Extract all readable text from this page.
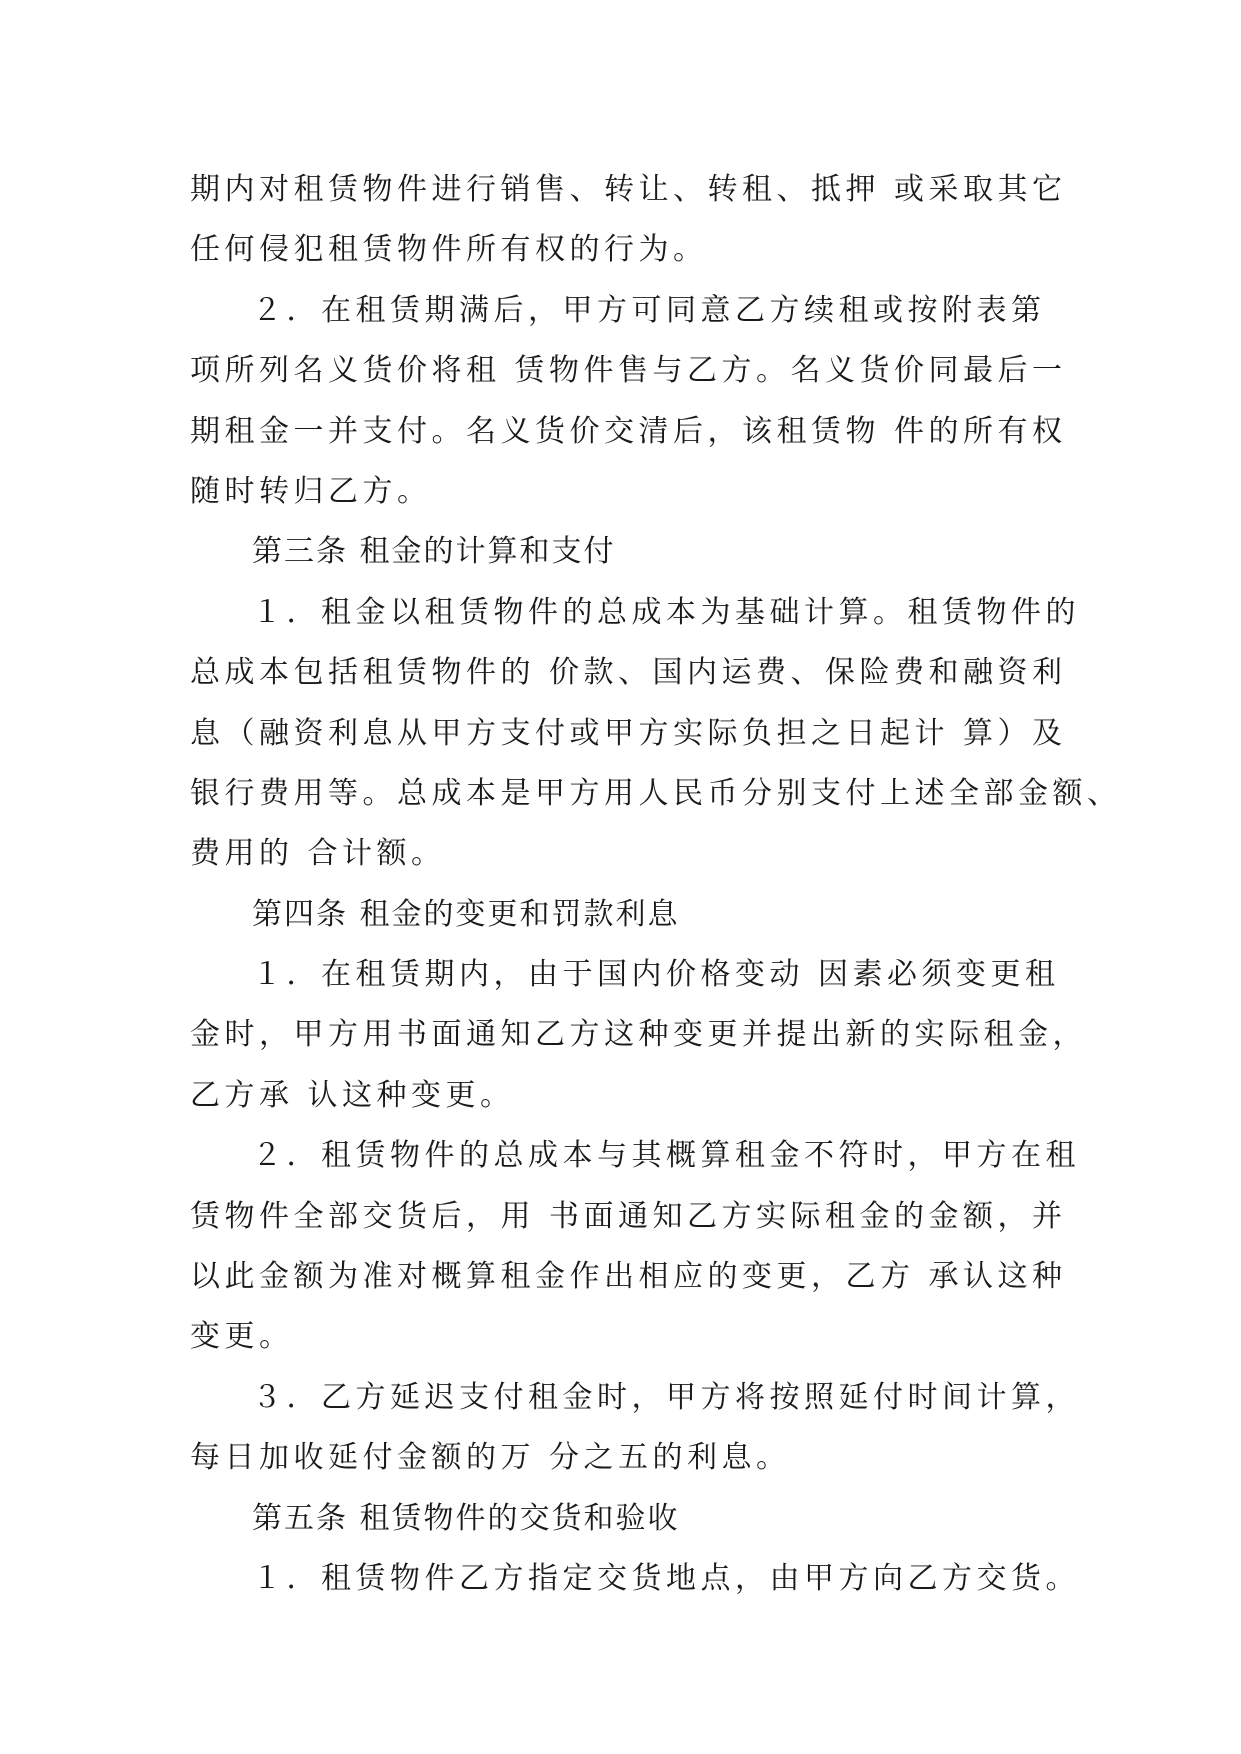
期内对租赁物件进行销售、转让、转租、抵押 或采取其它
任何侵犯租赁物件所有权的行为。
２．在租赁期满后，甲方可同意乙方续租或按附表第
项所列名义货价将租 赁物件售与乙方。名义货价同最后一
期租金一并支付。名义货价交清后，该租赁物 件的所有权
随时转归乙方。
第三条 租金的计算和支付
１．租金以租赁物件的总成本为基础计算。租赁物件的
总成本包括租赁物件的 价款、国内运费、保险费和融资利
息（融资利息从甲方支付或甲方实际负担之日起计 算）及
银行费用等。总成本是甲方用人民币分别支付上述全部金额、
费用的 合计额。
第四条 租金的变更和罚款利息
１．在租赁期内，由于国内价格变动 因素必须变更租
金时，甲方用书面通知乙方这种变更并提出新的实际租金，
乙方承 认这种变更。
２．租赁物件的总成本与其概算租金不符时，甲方在租
赁物件全部交货后，用 书面通知乙方实际租金的金额，并
以此金额为准对概算租金作出相应的变更，乙方 承认这种
变更。
３．乙方延迟支付租金时，甲方将按照延付时间计算，
每日加收延付金额的万 分之五的利息。
第五条 租赁物件的交货和验收
１．租赁物件乙方指定交货地点，由甲方向乙方交货。
